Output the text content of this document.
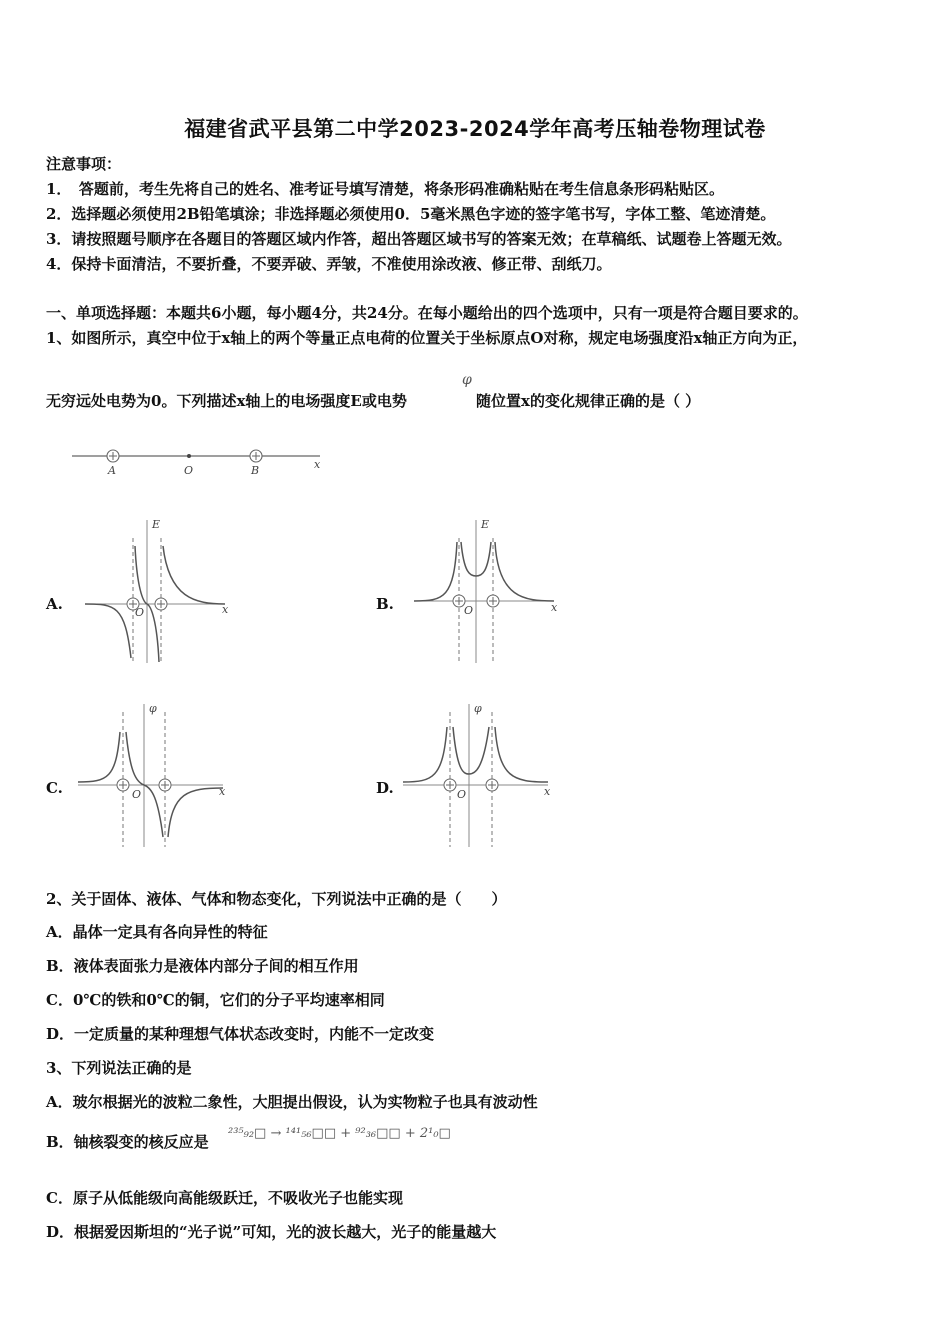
福建省武平县第二中学2023-2024学年高考压轴卷物理试卷
注意事项：
1．　答题前，考生先将自己的姓名、准考证号填写清楚，将条形码准确粘贴在考生信息条形码粘贴区。
2．选择题必须使用2B铅笔填涂；非选择题必须使用0．5毫米黑色字迹的签字笔书写，字体工整、笔迹清楚。
3．请按照题号顺序在各题目的答题区域内作答，超出答题区域书写的答案无效；在草稿纸、试题卷上答题无效。
4．保持卡面清洁，不要折叠，不要弄破、弄皱，不准使用涂改液、修正带、刮纸刀。
一、单项选择题：本题共6小题，每小题4分，共24分。在每小题给出的四个选项中，只有一项是符合题目要求的。
1、如图所示，真空中位于x轴上的两个等量正点电荷的位置关于坐标原点O对称，规定电场强度沿x轴正方向为正，
无穷远处电势为0。下列描述x轴上的电场强度E或电势
φ
随位置x的变化规律正确的是（ ）
A	O	B	x
A.	B.
C.	D.
E
O	x
E
O	x
φ
O	x
φ
O	x
2、关于固体、液体、气体和物态变化，下列说法中正确的是（　　）
A．晶体一定具有各向异性的特征
B．液体表面张力是液体内部分子间的相互作用
C．0℃的铁和0℃的铜，它们的分子平均速率相同
D．一定质量的某种理想气体状态改变时，内能不一定改变
3、下列说法正确的是
A．玻尔根据光的波粒二象性，大胆提出假设，认为实物粒子也具有波动性
B．铀核裂变的核反应是 ²³⁵₉₂□ → ¹⁴¹₅₆□□ + ⁹²₃₆□□ + 2¹₀□
C．原子从低能级向高能级跃迁，不吸收光子也能实现
D．根据爱因斯坦的“光子说”可知，光的波长越大，光子的能量越大
